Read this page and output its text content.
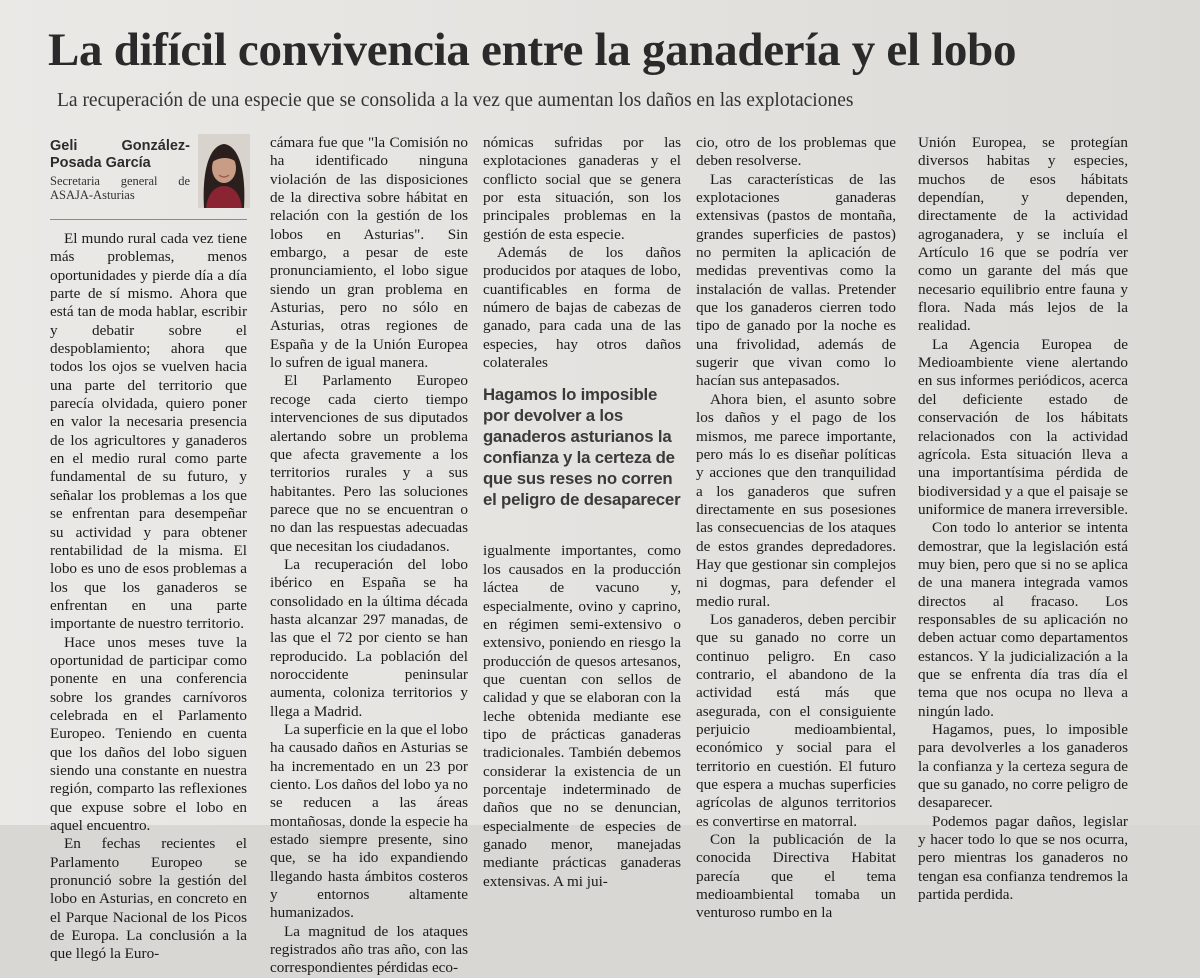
La difícil convivencia entre la ganadería y el lobo
La recuperación de una especie que se consolida a la vez que aumentan los daños en las explotaciones
Geli González-Posada García
Secretaria general de ASAJA-Asturias

El mundo rural cada vez tiene más problemas, menos oportunidades y pierde día a día parte de sí mismo. Ahora que está tan de moda hablar, escribir y debatir sobre el despoblamiento; ahora que todos los ojos se vuelven hacia una parte del territorio que parecía olvidada, quiero poner en valor la necesaria presencia de los agricultores y ganaderos en el medio rural como parte fundamental de su futuro, y señalar los problemas a los que se enfrentan para desempeñar su actividad y para obtener rentabilidad de la misma. El lobo es uno de esos problemas a los que los ganaderos se enfrentan en una parte importante de nuestro territorio.

Hace unos meses tuve la oportunidad de participar como ponente en una conferencia sobre los grandes carnívoros celebrada en el Parlamento Europeo. Teniendo en cuenta que los daños del lobo siguen siendo una constante en nuestra región, comparto las reflexiones que expuse sobre el lobo en aquel encuentro.

En fechas recientes el Parlamento Europeo se pronunció sobre la gestión del lobo en Asturias, en concreto en el Parque Nacional de los Picos de Europa. La conclusión a la que llegó la Euro-

cámara fue que "la Comisión no ha identificado ninguna violación de las disposiciones de la directiva sobre hábitat en relación con la gestión de los lobos en Asturias". Sin embargo, a pesar de este pronunciamiento, el lobo sigue siendo un gran problema en Asturias, pero no sólo en Asturias, otras regiones de España y de la Unión Europea lo sufren de igual manera.

El Parlamento Europeo recoge cada cierto tiempo intervenciones de sus diputados alertando sobre un problema que afecta gravemente a los territorios rurales y a sus habitantes. Pero las soluciones parece que no se encuentran o no dan las respuestas adecuadas que necesitan los ciudadanos.

La recuperación del lobo ibérico en España se ha consolidado en la última década hasta alcanzar 297 manadas, de las que el 72 por ciento se han reproducido. La población del noroccidente peninsular aumenta, coloniza territorios y llega a Madrid.

La superficie en la que el lobo ha causado daños en Asturias se ha incrementado en un 23 por ciento. Los daños del lobo ya no se reducen a las áreas montañosas, donde la especie ha estado siempre presente, sino que, se ha ido expandiendo llegando hasta ámbitos costeros y entornos altamente humanizados.

La magnitud de los ataques registrados año tras año, con las correspondientes pérdidas eco-

nómicas sufridas por las explotaciones ganaderas y el conflicto social que se genera por esta situación, son los principales problemas en la gestión de esta especie.

Además de los daños producidos por ataques de lobo, cuantificables en forma de número de bajas de cabezas de ganado, para cada una de las especies, hay otros daños colaterales

Hagamos lo imposible por devolver a los ganaderos asturianos la confianza y la certeza de que sus reses no corren el peligro de desaparecer

igualmente importantes, como los causados en la producción láctea de vacuno y, especialmente, ovino y caprino, en régimen semi-extensivo o extensivo, poniendo en riesgo la producción de quesos artesanos, que cuentan con sellos de calidad y que se elaboran con la leche obtenida mediante ese tipo de prácticas ganaderas tradicionales. También debemos considerar la existencia de un porcentaje indeterminado de daños que no se denuncian, especialmente de especies de ganado menor, manejadas mediante prácticas ganaderas extensivas. A mi jui-

cio, otro de los problemas que deben resolverse.

Las características de las explotaciones ganaderas extensivas (pastos de montaña, grandes superficies de pastos) no permiten la aplicación de medidas preventivas como la instalación de vallas. Pretender que los ganaderos cierren todo tipo de ganado por la noche es una frivolidad, además de sugerir que vivan como lo hacían sus antepasados.

Ahora bien, el asunto sobre los daños y el pago de los mismos, me parece importante, pero más lo es diseñar políticas y acciones que den tranquilidad a los ganaderos que sufren directamente en sus posesiones las consecuencias de los ataques de estos grandes depredadores. Hay que gestionar sin complejos ni dogmas, para defender el medio rural.

Los ganaderos, deben percibir que su ganado no corre un continuo peligro. En caso contrario, el abandono de la actividad está más que asegurada, con el consiguiente perjuicio medioambiental, económico y social para el territorio en cuestión. El futuro que espera a muchas superficies agrícolas de algunos territorios es convertirse en matorral.

Con la publicación de la conocida Directiva Habitat parecía que el tema medioambiental tomaba un venturoso rumbo en la

Unión Europea, se protegían diversos habitas y especies, muchos de esos hábitats dependían, y dependen, directamente de la actividad agroganadera, y se incluía el Artículo 16 que se podría ver como un garante del más que necesario equilibrio entre fauna y flora. Nada más lejos de la realidad.

La Agencia Europea de Medioambiente viene alertando en sus informes periódicos, acerca del deficiente estado de conservación de los hábitats relacionados con la actividad agrícola. Esta situación lleva a una importantísima pérdida de biodiversidad y a que el paisaje se uniformice de manera irreversible.

Con todo lo anterior se intenta demostrar, que la legislación está muy bien, pero que si no se aplica de una manera integrada vamos directos al fracaso. Los responsables de su aplicación no deben actuar como departamentos estancos. Y la judicialización a la que se enfrenta día tras día el tema que nos ocupa no lleva a ningún lado.

Hagamos, pues, lo imposible para devolverles a los ganaderos la confianza y la certeza segura de que su ganado, no corre peligro de desaparecer.

Podemos pagar daños, legislar y hacer todo lo que se nos ocurra, pero mientras los ganaderos no tengan esa confianza tendremos la partida perdida.
